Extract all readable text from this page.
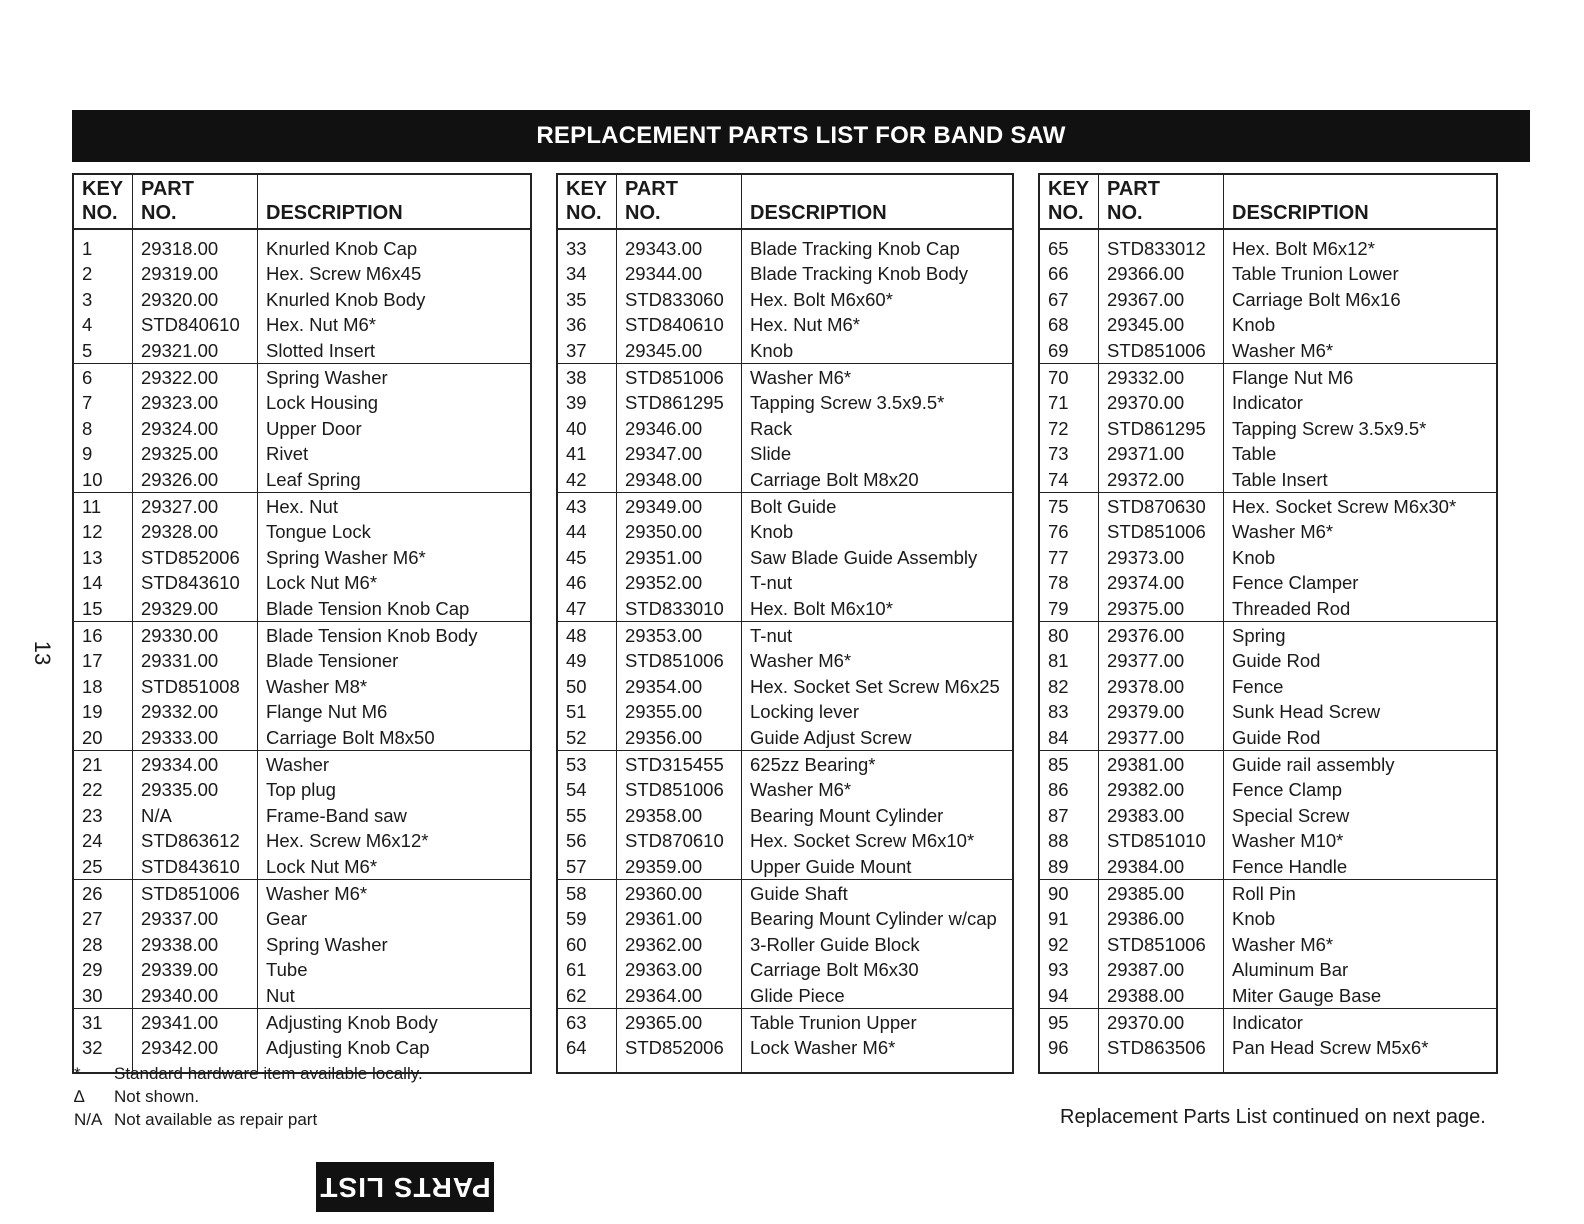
REPLACEMENT PARTS LIST FOR BAND SAW
13
KEY
NO.	PART
NO.	DESCRIPTION
1	29318.00	Knurled Knob Cap
2	29319.00	Hex. Screw M6x45
3	29320.00	Knurled Knob Body
4	STD840610	Hex. Nut M6*
5	29321.00	Slotted Insert
6	29322.00	Spring Washer
7	29323.00	Lock Housing
8	29324.00	Upper Door
9	29325.00	Rivet
10	29326.00	Leaf Spring
11	29327.00	Hex. Nut
12	29328.00	Tongue Lock
13	STD852006	Spring Washer M6*
14	STD843610	Lock Nut M6*
15	29329.00	Blade Tension Knob Cap
16	29330.00	Blade Tension Knob Body
17	29331.00	Blade Tensioner
18	STD851008	Washer M8*
19	29332.00	Flange Nut M6
20	29333.00	Carriage Bolt M8x50
21	29334.00	Washer
22	29335.00	Top plug
23	N/A	Frame-Band saw
24	STD863612	Hex. Screw M6x12*
25	STD843610	Lock Nut M6*
26	STD851006	Washer M6*
27	29337.00	Gear
28	29338.00	Spring Washer
29	29339.00	Tube
30	29340.00	Nut
31	29341.00	Adjusting Knob Body
32	29342.00	Adjusting Knob Cap
KEY
NO.	PART
NO.	DESCRIPTION
33	29343.00	Blade Tracking Knob Cap
34	29344.00	Blade Tracking Knob Body
35	STD833060	Hex. Bolt M6x60*
36	STD840610	Hex. Nut M6*
37	29345.00	Knob
38	STD851006	Washer M6*
39	STD861295	Tapping Screw 3.5x9.5*
40	29346.00	Rack
41	29347.00	Slide
42	29348.00	Carriage Bolt M8x20
43	29349.00	Bolt Guide
44	29350.00	Knob
45	29351.00	Saw Blade Guide Assembly
46	29352.00	T-nut
47	STD833010	Hex. Bolt M6x10*
48	29353.00	T-nut
49	STD851006	Washer M6*
50	29354.00	Hex. Socket Set Screw M6x25
51	29355.00	Locking lever
52	29356.00	Guide Adjust Screw
53	STD315455	625zz Bearing*
54	STD851006	Washer M6*
55	29358.00	Bearing Mount Cylinder
56	STD870610	Hex. Socket Screw M6x10*
57	29359.00	Upper Guide Mount
58	29360.00	Guide Shaft
59	29361.00	Bearing Mount Cylinder w/cap
60	29362.00	3-Roller Guide Block
61	29363.00	Carriage Bolt M6x30
62	29364.00	Glide Piece
63	29365.00	Table Trunion Upper
64	STD852006	Lock Washer M6*
KEY
NO.	PART
NO.	DESCRIPTION
65	STD833012	Hex. Bolt M6x12*
66	29366.00	Table Trunion Lower
67	29367.00	Carriage Bolt M6x16
68	29345.00	Knob
69	STD851006	Washer M6*
70	29332.00	Flange Nut M6
71	29370.00	Indicator
72	STD861295	Tapping Screw 3.5x9.5*
73	29371.00	Table
74	29372.00	Table Insert
75	STD870630	Hex. Socket Screw M6x30*
76	STD851006	Washer M6*
77	29373.00	Knob
78	29374.00	Fence Clamper
79	29375.00	Threaded Rod
80	29376.00	Spring
81	29377.00	Guide Rod
82	29378.00	Fence
83	29379.00	Sunk Head Screw
84	29377.00	Guide Rod
85	29381.00	Guide rail assembly
86	29382.00	Fence Clamp
87	29383.00	Special Screw
88	STD851010	Washer M10*
89	29384.00	Fence Handle
90	29385.00	Roll Pin
91	29386.00	Knob
92	STD851006	Washer M6*
93	29387.00	Aluminum Bar
94	29388.00	Miter Gauge Base
95	29370.00	Indicator
96	STD863506	Pan Head Screw M5x6*
*	Standard hardware item available locally.
∆	Not shown.
N/A Not available as repair part	Replacement Parts List continued on next page.
PARTS LIST
